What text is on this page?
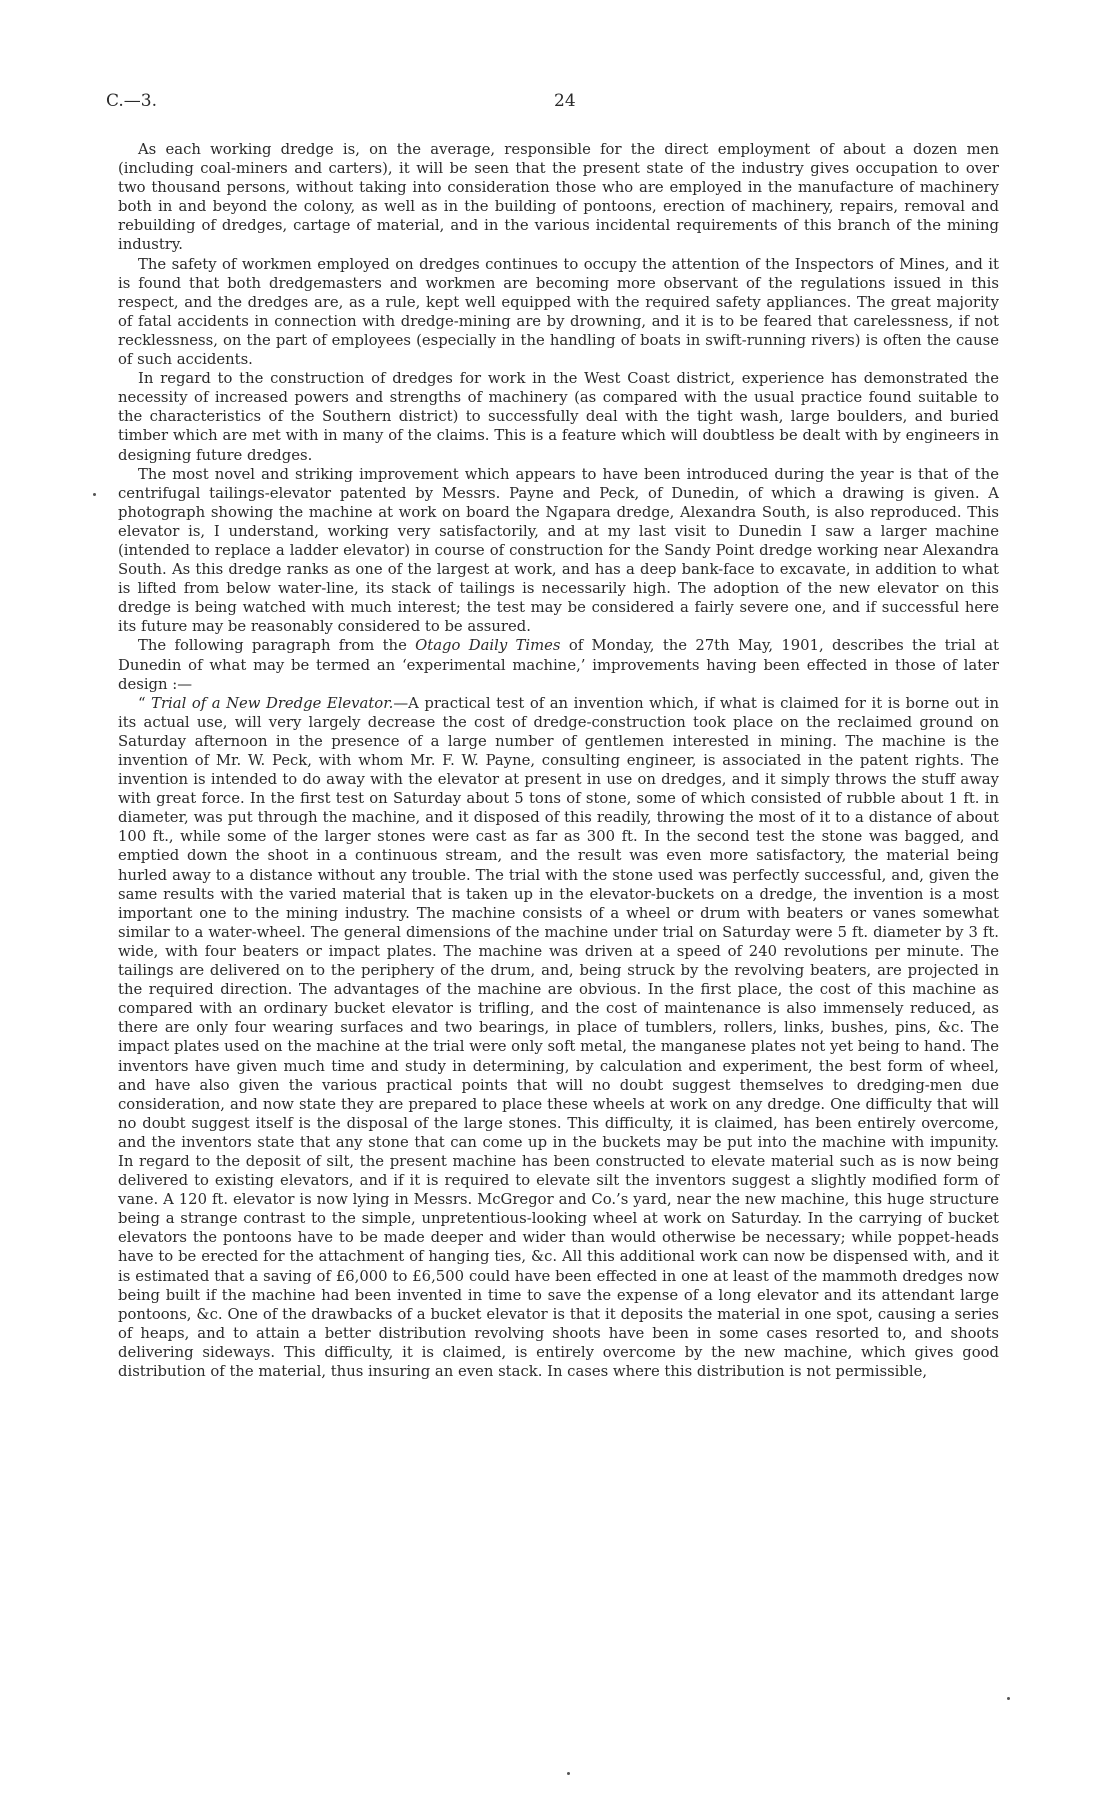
C.—3.	24

As each working dredge is, on the average, responsible for the direct employment of about a dozen men (including coal-miners and carters), it will be seen that the present state of the industry gives occupation to over two thousand persons, without taking into consideration those who are employed in the manufacture of machinery both in and beyond the colony, as well as in the building of pontoons, erection of machinery, repairs, removal and rebuilding of dredges, cartage of material, and in the various incidental requirements of this branch of the mining industry.

The safety of workmen employed on dredges continues to occupy the attention of the Inspectors of Mines, and it is found that both dredgemasters and workmen are becoming more observant of the regulations issued in this respect, and the dredges are, as a rule, kept well equipped with the required safety appliances. The great majority of fatal accidents in connection with dredge-mining are by drowning, and it is to be feared that carelessness, if not recklessness, on the part of employees (especially in the handling of boats in swift-running rivers) is often the cause of such accidents.

In regard to the construction of dredges for work in the West Coast district, experience has demonstrated the necessity of increased powers and strengths of machinery (as compared with the usual practice found suitable to the characteristics of the Southern district) to successfully deal with the tight wash, large boulders, and buried timber which are met with in many of the claims. This is a feature which will doubtless be dealt with by engineers in designing future dredges.

The most novel and striking improvement which appears to have been introduced during the year is that of the centrifugal tailings-elevator patented by Messrs. Payne and Peck, of Dunedin, of which a drawing is given. A photograph showing the machine at work on board the Ngapara dredge, Alexandra South, is also reproduced. This elevator is, I understand, working very satisfactorily, and at my last visit to Dunedin I saw a larger machine (intended to replace a ladder elevator) in course of construction for the Sandy Point dredge working near Alexandra South. As this dredge ranks as one of the largest at work, and has a deep bank-face to excavate, in addition to what is lifted from below water-line, its stack of tailings is necessarily high. The adoption of the new elevator on this dredge is being watched with much interest; the test may be considered a fairly severe one, and if successful here its future may be reasonably considered to be assured.

The following paragraph from the Otago Daily Times of Monday, the 27th May, 1901, describes the trial at Dunedin of what may be termed an ‘experimental machine,’ improvements having been effected in those of later design :—

“ Trial of a New Dredge Elevator.—A practical test of an invention which, if what is claimed for it is borne out in its actual use, will very largely decrease the cost of dredge-construction took place on the reclaimed ground on Saturday afternoon in the presence of a large number of gentlemen interested in mining. The machine is the invention of Mr. W. Peck, with whom Mr. F. W. Payne, consulting engineer, is associated in the patent rights. The invention is intended to do away with the elevator at present in use on dredges, and it simply throws the stuff away with great force. In the first test on Saturday about 5 tons of stone, some of which consisted of rubble about 1 ft. in diameter, was put through the machine, and it disposed of this readily, throwing the most of it to a distance of about 100 ft., while some of the larger stones were cast as far as 300 ft. In the second test the stone was bagged, and emptied down the shoot in a continuous stream, and the result was even more satisfactory, the material being hurled away to a distance without any trouble. The trial with the stone used was perfectly successful, and, given the same results with the varied material that is taken up in the elevator-buckets on a dredge, the invention is a most important one to the mining industry. The machine consists of a wheel or drum with beaters or vanes somewhat similar to a water-wheel. The general dimensions of the machine under trial on Saturday were 5 ft. diameter by 3 ft. wide, with four beaters or impact plates. The machine was driven at a speed of 240 revolutions per minute. The tailings are delivered on to the periphery of the drum, and, being struck by the revolving beaters, are projected in the required direction. The advantages of the machine are obvious. In the first place, the cost of this machine as compared with an ordinary bucket elevator is trifling, and the cost of maintenance is also immensely reduced, as there are only four wearing surfaces and two bearings, in place of tumblers, rollers, links, bushes, pins, &c. The impact plates used on the machine at the trial were only soft metal, the manganese plates not yet being to hand. The inventors have given much time and study in determining, by calculation and experiment, the best form of wheel, and have also given the various practical points that will no doubt suggest themselves to dredging-men due consideration, and now state they are prepared to place these wheels at work on any dredge. One difficulty that will no doubt suggest itself is the disposal of the large stones. This difficulty, it is claimed, has been entirely overcome, and the inventors state that any stone that can come up in the buckets may be put into the machine with impunity. In regard to the deposit of silt, the present machine has been constructed to elevate material such as is now being delivered to existing elevators, and if it is required to elevate silt the inventors suggest a slightly modified form of vane. A 120 ft. elevator is now lying in Messrs. McGregor and Co.’s yard, near the new machine, this huge structure being a strange contrast to the simple, unpretentious-looking wheel at work on Saturday. In the carrying of bucket elevators the pontoons have to be made deeper and wider than would otherwise be necessary; while poppet-heads have to be erected for the attachment of hanging ties, &c. All this additional work can now be dispensed with, and it is estimated that a saving of £6,000 to £6,500 could have been effected in one at least of the mammoth dredges now being built if the machine had been invented in time to save the expense of a long elevator and its attendant large pontoons, &c. One of the drawbacks of a bucket elevator is that it deposits the material in one spot, causing a series of heaps, and to attain a better distribution revolving shoots have been in some cases resorted to, and shoots delivering sideways. This difficulty, it is claimed, is entirely overcome by the new machine, which gives good distribution of the material, thus insuring an even stack. In cases where this distribution is not permissible,
